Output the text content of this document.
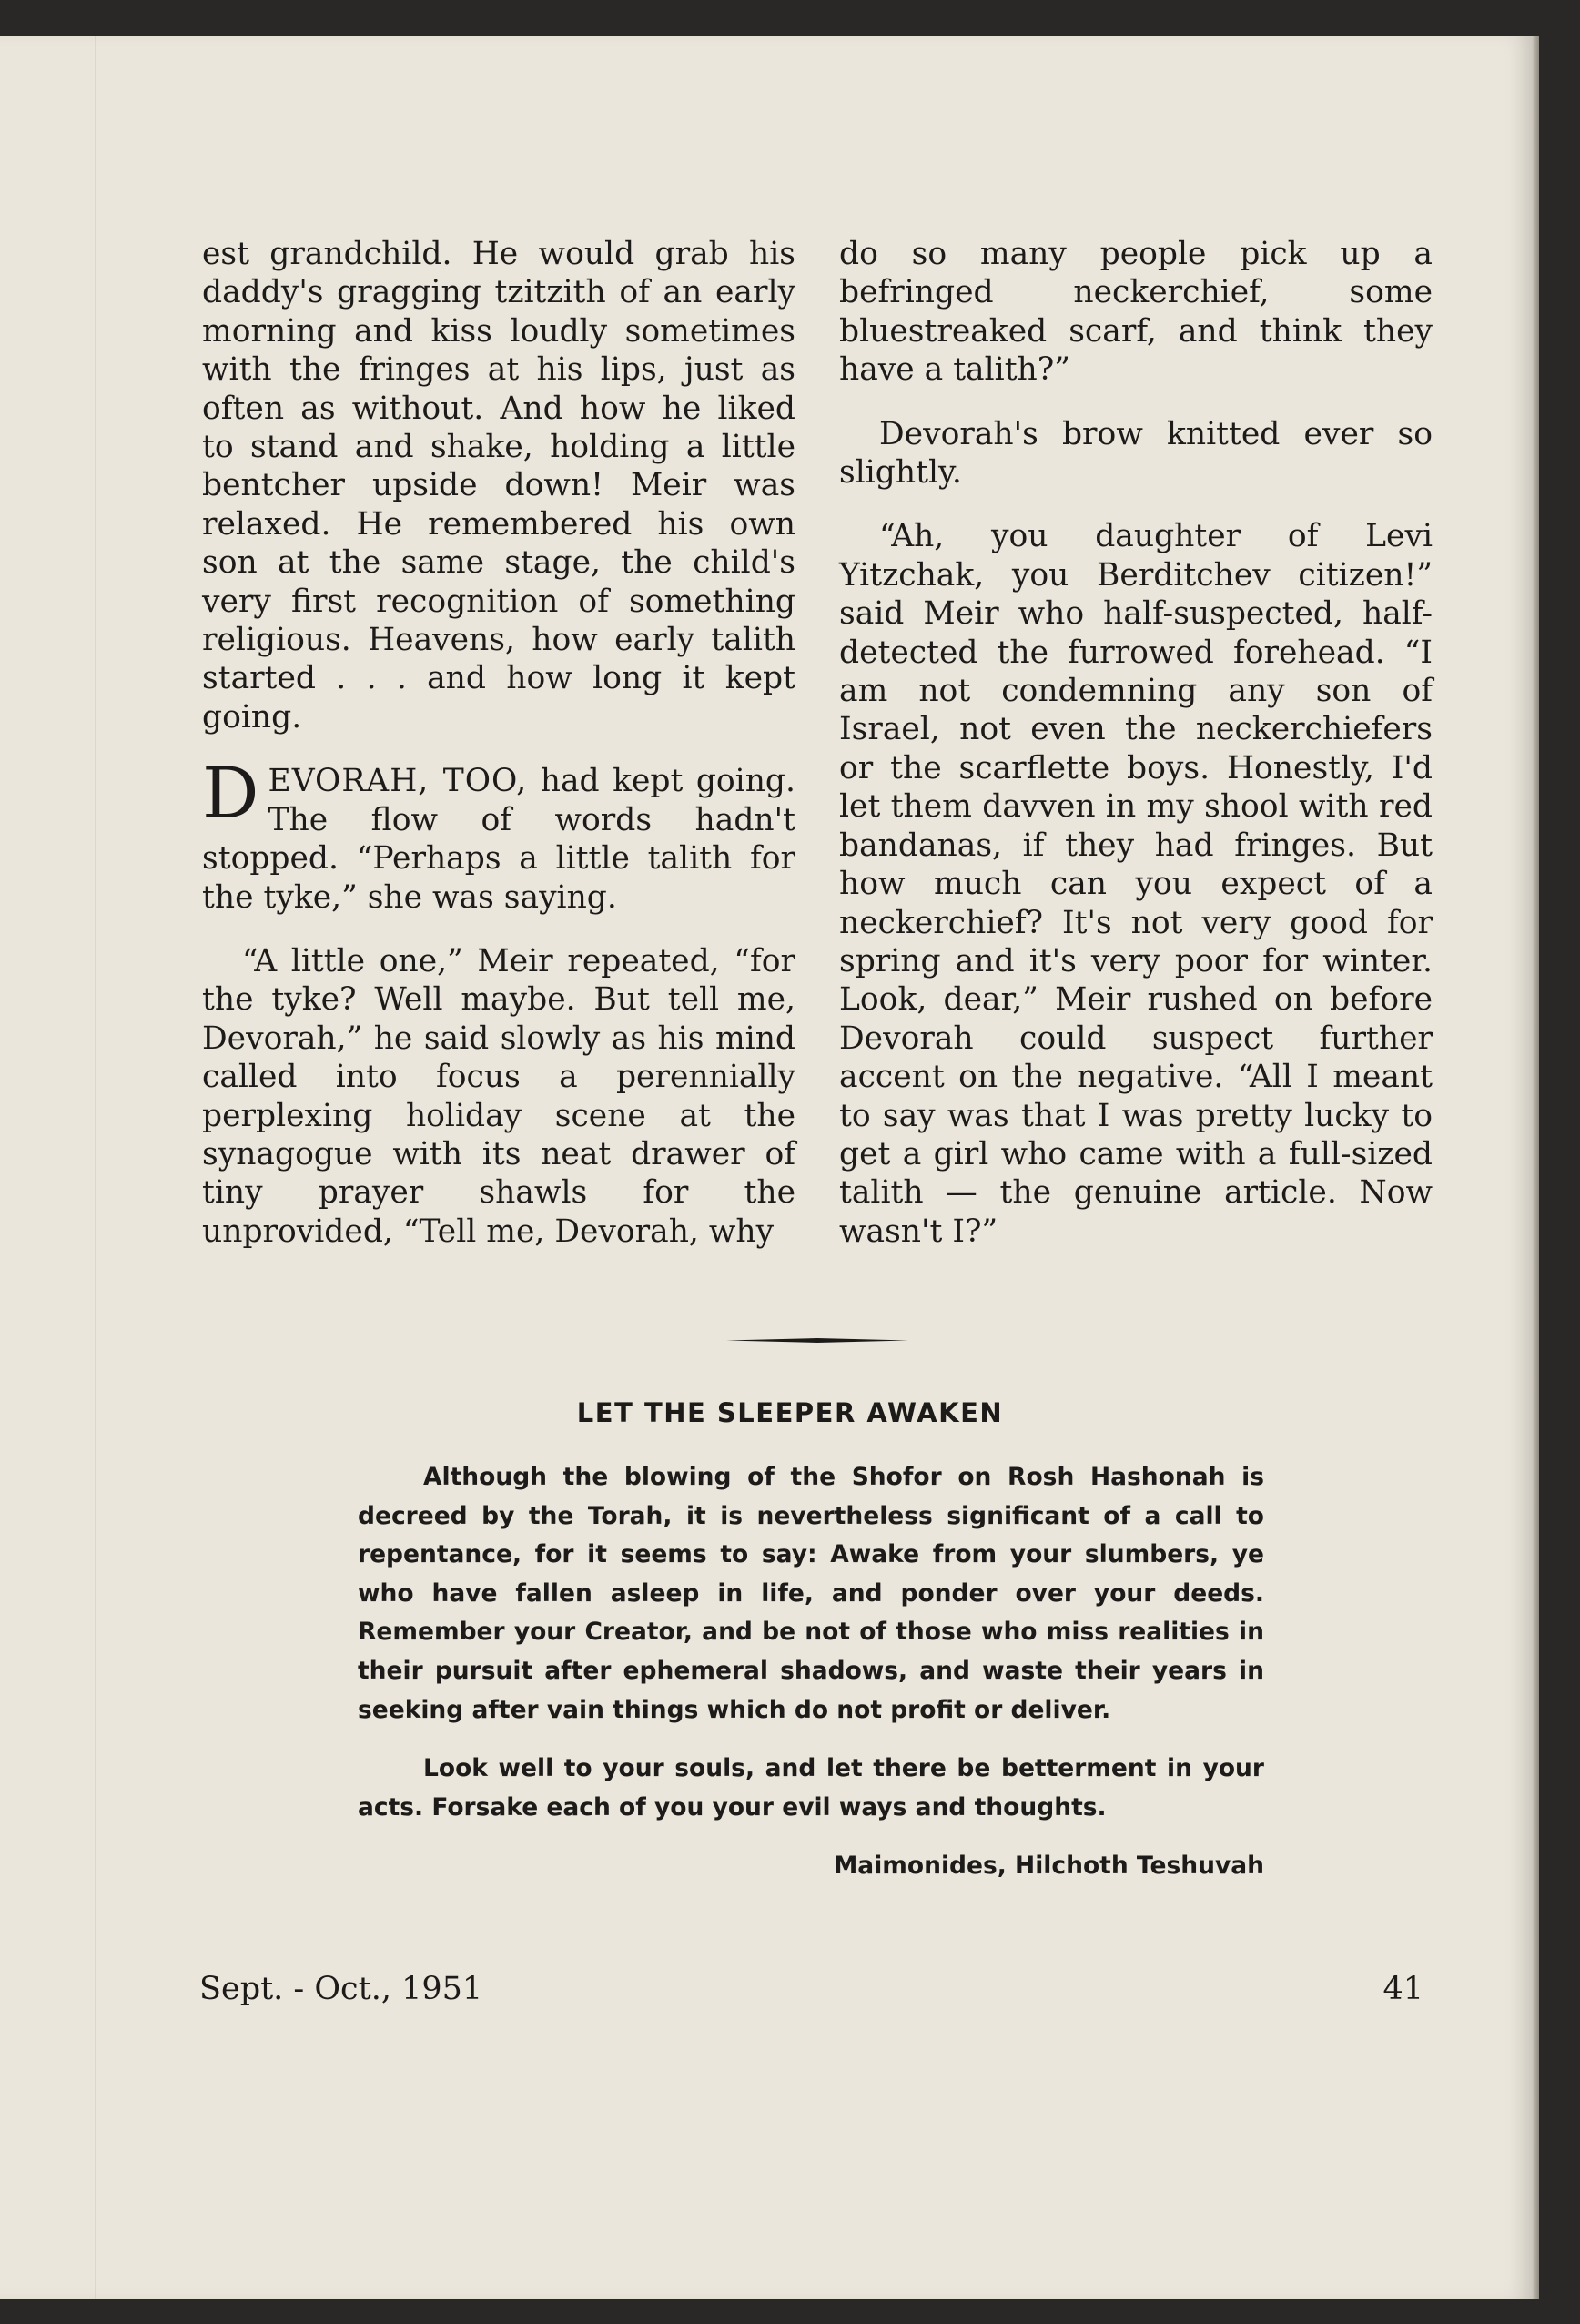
est grandchild. He would grab his daddy's gragging tzitzith of an early morning and kiss loudly sometimes with the fringes at his lips, just as often as without. And how he liked to stand and shake, holding a little bentcher upside down! Meir was relaxed. He remembered his own son at the same stage, the child's very first recognition of something religious. Heavens, how early talith started . . . and how long it kept going.

DEVORAH, TOO, had kept going. The flow of words hadn't stopped. “Perhaps a little talith for the tyke,” she was saying.

“A little one,” Meir repeated, “for the tyke? Well maybe. But tell me, Devorah,” he said slowly as his mind called into focus a perennially perplexing holiday scene at the synagogue with its neat drawer of tiny prayer shawls for the unprovided, “Tell me, Devorah, why

do so many people pick up a befringed neckerchief, some bluestreaked scarf, and think they have a talith?”

Devorah's brow knitted ever so slightly.

“Ah, you daughter of Levi Yitzchak, you Berditchev citizen!” said Meir who half-suspected, half-detected the furrowed forehead. “I am not condemning any son of Israel, not even the neckerchiefers or the scarflette boys. Honestly, I'd let them davven in my shool with red bandanas, if they had fringes. But how much can you expect of a neckerchief? It's not very good for spring and it's very poor for winter. Look, dear,” Meir rushed on before Devorah could suspect further accent on the negative. “All I meant to say was that I was pretty lucky to get a girl who came with a full-sized talith — the genuine article. Now wasn't I?”

LET THE SLEEPER AWAKEN

Although the blowing of the Shofor on Rosh Hashonah is decreed by the Torah, it is nevertheless significant of a call to repentance, for it seems to say: Awake from your slumbers, ye who have fallen asleep in life, and ponder over your deeds. Remember your Creator, and be not of those who miss realities in their pursuit after ephemeral shadows, and waste their years in seeking after vain things which do not profit or deliver.

Look well to your souls, and let there be betterment in your acts. Forsake each of you your evil ways and thoughts.

Maimonides, Hilchoth Teshuvah

Sept. - Oct., 1951	41
